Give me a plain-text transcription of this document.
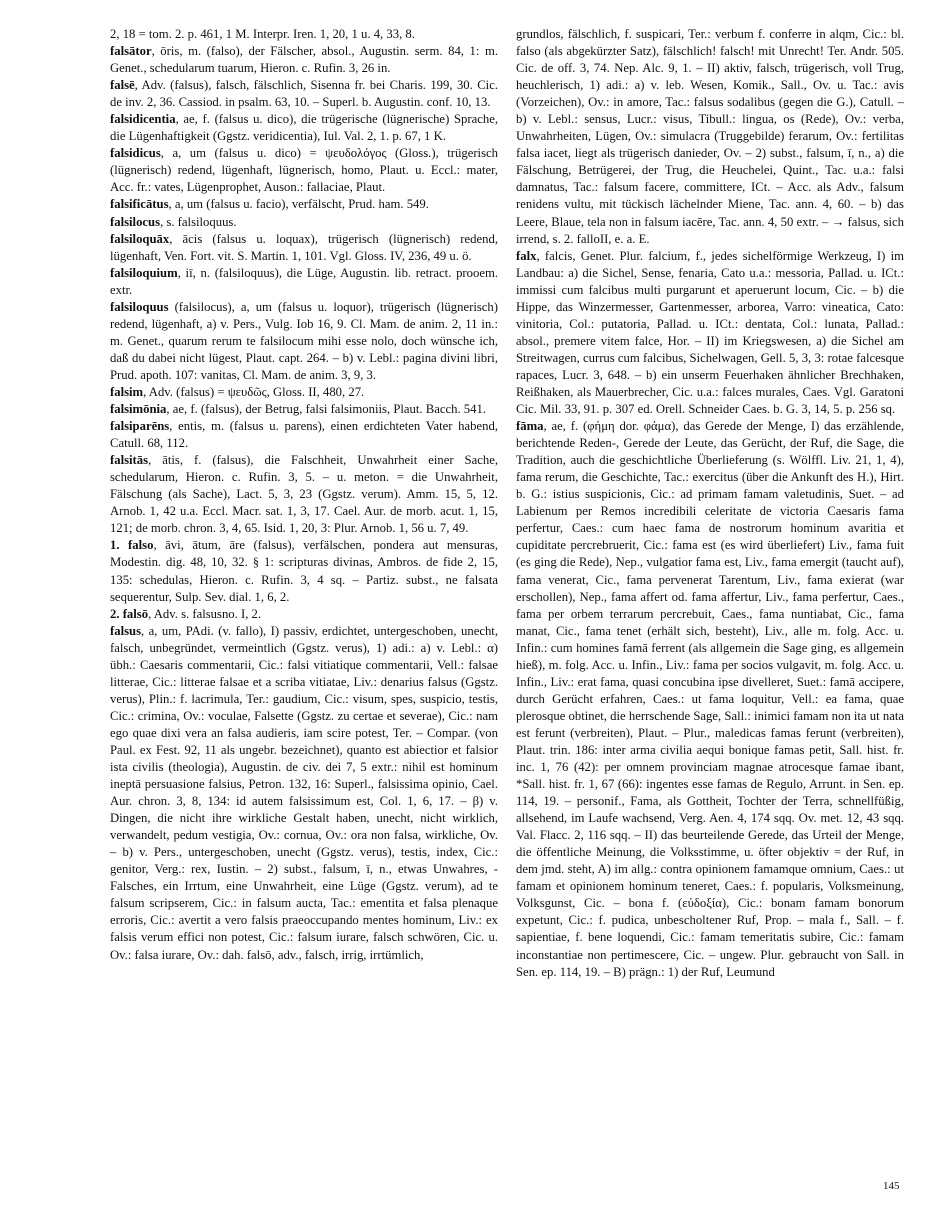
2, 18 = tom. 2. p. 461, 1 M. Interpr. Iren. 1, 20, 1 u. 4, 33, 8.

falsātor, ōris, m. (falso), der Fälscher, absol., Augustin. serm. 84, 1: m. Genet., schedularum tuarum, Hieron. c. Rufin. 3, 26 in.

falsē, Adv. (falsus), falsch, fälschlich, Sisenna fr. bei Charis. 199, 30. Cic. de inv. 2, 36. Cassiod. in psalm. 63, 10. – Superl. b. Augustin. conf. 10, 13.

falsidicentia, ae, f. (falsus u. dico), die trügerische (lügnerische) Sprache, die Lügenhaftigkeit (Ggstz. veridicentia), Iul. Val. 2, 1. p. 67, 1 K.

falsidicus, a, um (falsus u. dico) = ψευδολόγος (Gloss.), trügerisch (lügnerisch) redend, lügenhaft, lügnerisch, homo, Plaut. u. Eccl.: mater, Acc. fr.: vates, Lügenprophet, Auson.: fallaciae, Plaut.

falsificātus, a, um (falsus u. facio), verfälscht, Prud. ham. 549.

falsilocus, s. falsiloquus.

falsiloquāx, ācis (falsus u. loquax), trügerisch (lügnerisch) redend, lügenhaft, Ven. Fort. vit. S. Martin. 1, 101. Vgl. Gloss. IV, 236, 49 u. ö.

falsiloquium, iī, n. (falsiloquus), die Lüge, Augustin. lib. retract. prooem. extr.

falsiloquus (falsilocus), a, um (falsus u. loquor), trügerisch (lügnerisch) redend, lügenhaft, a) v. Pers., Vulg. Iob 16, 9. Cl. Mam. de anim. 2, 11 in.: m. Genet., quarum rerum te falsilocum mihi esse nolo, doch wünsche ich, daß du dabei nicht lügest, Plaut. capt. 264. – b) v. Lebl.: pagina divini libri, Prud. apoth. 107: vanitas, Cl. Mam. de anim. 3, 9, 3.

falsim, Adv. (falsus) = ψευδῶς, Gloss. II, 480, 27.

falsimōnia, ae, f. (falsus), der Betrug, falsi falsimoniis, Plaut. Bacch. 541.

falsiparēns, entis, m. (falsus u. parens), einen erdichteten Vater habend, Catull. 68, 112.

falsitās, ātis, f. (falsus), die Falschheit, Unwahrheit einer Sache, schedularum, Hieron. c. Rufin. 3, 5. – u. meton. = die Unwahrheit, Fälschung (als Sache), Lact. 5, 3, 23 (Ggstz. verum). Amm. 15, 5, 12. Arnob. 1, 42 u.a. Eccl. Macr. sat. 1, 3, 17. Cael. Aur. de morb. acut. 1, 15, 121; de morb. chron. 3, 4, 65. Isid. 1, 20, 3: Plur. Arnob. 1, 56 u. 7, 49.

1. falso, āvi, ātum, āre (falsus), verfälschen, pondera aut mensuras, Modestin. dig. 48, 10, 32. § 1: scripturas divinas, Ambros. de fide 2, 15, 135: schedulas, Hieron. c. Rufin. 3, 4 sq. – Partiz. subst., ne falsata sequerentur, Sulp. Sev. dial. 1, 6, 2.

2. falsō, Adv. s. falsusno. I, 2.

falsus, a, um, PAdi. (v. fallo), I) passiv, erdichtet, untergeschoben, unecht, falsch, unbegründet, vermeintlich (Ggstz. verus), 1) adi.: a) v. Lebl.: α) übh.: Caesaris commentarii, Cic.: falsi vitiatique commentarii, Vell.: falsae litterae, Cic.: litterae falsae et a scriba vitiatae, Liv.: denarius falsus (Ggstz. verus), Plin.: f. lacrimula, Ter.: gaudium, Cic.: visum, spes, suspicio, testis, Cic.: crimina, Ov.: voculae, Falsette (Ggstz. zu certae et severae), Cic.: nam ego quae dixi vera an falsa audieris, iam scire potest, Ter. – Compar. (von Paul. ex Fest. 92, 11 als ungebr. bezeichnet), quanto est abiectior et falsior ista civilis (theologia), Augustin. de civ. dei 7, 5 extr.: nihil est hominum ineptā persuasione falsius, Petron. 132, 16: Superl., falsissima opinio, Cael. Aur. chron. 3, 8, 134: id autem falsissimum est, Col. 1, 6, 17. – β) v. Dingen, die nicht ihre wirkliche Gestalt haben, unecht, nicht wirklich, verwandelt, pedum vestigia, Ov.: cornua, Ov.: ora non falsa, wirkliche, Ov. – b) v. Pers., untergeschoben, unecht (Ggstz. verus), testis, index, Cic.: genitor, Verg.: rex, Iustin. – 2) subst., falsum, ī, n., etwas Unwahres, -Falsches, ein Irrtum, eine Unwahrheit, eine Lüge (Ggstz. verum), ad te falsum scripserem, Cic.: in falsum aucta, Tac.: ementita et falsa plenaque erroris, Cic.: avertit a vero falsis praeoccupando mentes hominum, Liv.: ex falsis verum effici non potest, Cic.: falsum iurare, falsch schwören, Cic. u. Ov.: falsa iurare, Ov.: dah. falsō, adv., falsch, irrig, irrtümlich,

grundlos, fälschlich, f. suspicari, Ter.: verbum f. conferre in alqm, Cic.: bl. falso (als abgekürzter Satz), fälschlich! falsch! mit Unrecht! Ter. Andr. 505. Cic. de off. 3, 74. Nep. Alc. 9, 1. – II) aktiv, falsch, trügerisch, voll Trug, heuchlerisch, 1) adi.: a) v. leb. Wesen, Komik., Sall., Ov. u. Tac.: avis (Vorzeichen), Ov.: in amore, Tac.: falsus sodalibus (gegen die G.), Catull. – b) v. Lebl.: sensus, Lucr.: visus, Tibull.: lingua, os (Rede), Ov.: verba, Unwahrheiten, Lügen, Ov.: simulacra (Truggebilde) ferarum, Ov.: fertilitas falsa iacet, liegt als trügerisch danieder, Ov. – 2) subst., falsum, ī, n., a) die Fälschung, Betrügerei, der Trug, die Heuchelei, Quint., Tac. u.a.: falsi damnatus, Tac.: falsum facere, committere, ICt. – Acc. als Adv., falsum renidens vultu, mit tückisch lächelnder Miene, Tac. ann. 4, 60. – b) das Leere, Blaue, tela non in falsum iacēre, Tac. ann. 4, 50 extr. – → falsus, sich irrend, s. 2. falloII, e. a. E.

falx, falcis, Genet. Plur. falcium, f., jedes sichelförmige Werkzeug, I) im Landbau: a) die Sichel, Sense, fenaria, Cato u.a.: messoria, Pallad. u. ICt.: immissi cum falcibus multi purgarunt et aperuerunt locum, Cic. – b) die Hippe, das Winzermesser, Gartenmesser, arborea, Varro: vineatica, Cato: vinitoria, Col.: putatoria, Pallad. u. ICt.: dentata, Col.: lunata, Pallad.: absol., premere vitem falce, Hor. – II) im Kriegswesen, a) die Sichel am Streitwagen, currus cum falcibus, Sichelwagen, Gell. 5, 3, 3: rotae falcesque rapaces, Lucr. 3, 648. – b) ein unserm Feuerhaken ähnlicher Brechhaken, Reißhaken, als Mauerbrecher, Cic. u.a.: falces murales, Caes. Vgl. Garatoni Cic. Mil. 33, 91. p. 307 ed. Orell. Schneider Caes. b. G. 3, 14, 5. p. 256 sq.

fāma, ae, f. (φήμη dor. φάμα), das Gerede der Menge, I) das erzählende, berichtende Reden-, Gerede der Leute, das Gerücht, der Ruf, die Sage, die Tradition, auch die geschichtliche Überlieferung (s. Wölffl. Liv. 21, 1, 4), fama rerum, die Geschichte, Tac.: exercitus (über die Ankunft des H.), Hirt. b. G.: istius suspicionis, Cic.: ad primam famam valetudinis, Suet. – ad Labienum per Remos incredibili celeritate de victoria Caesaris fama perfertur, Caes.: cum haec fama de nostrorum hominum avaritia et cupiditate percrebruerit, Cic.: fama est (es wird überliefert) Liv., fama fuit (es ging die Rede), Nep., vulgatior fama est, Liv., fama emergit (taucht auf), fama venerat, Cic., fama pervenerat Tarentum, Liv., fama exierat (war erschollen), Nep., fama affert od. fama affertur, Liv., fama perfertur, Caes., fama per orbem terrarum percrebuit, Caes., fama nuntiabat, Cic., fama manat, Cic., fama tenet (erhält sich, besteht), Liv., alle m. folg. Acc. u. Infin.: cum homines famā ferrent (als allgemein die Sage ging, es allgemein hieß), m. folg. Acc. u. Infin., Liv.: fama per socios vulgavit, m. folg. Acc. u. Infin., Liv.: erat fama, quasi concubina ipse divelleret, Suet.: famā accipere, durch Gerücht erfahren, Caes.: ut fama loquitur, Vell.: ea fama, quae plerosque obtinet, die herrschende Sage, Sall.: inimici famam non ita ut nata est ferunt (verbreiten), Plaut. – Plur., maledicas famas ferunt (verbreiten), Plaut. trin. 186: inter arma civilia aequi bonique famas petit, Sall. hist. fr. inc. 1, 76 (42): per omnem provinciam magnae atrocesque famae ibant, *Sall. hist. fr. 1, 67 (66): ingentes esse famas de Regulo, Arrunt. in Sen. ep. 114, 19. – personif., Fama, als Gottheit, Tochter der Terra, schnellfüßig, allsehend, im Laufe wachsend, Verg. Aen. 4, 174 sqq. Ov. met. 12, 43 sqq. Val. Flacc. 2, 116 sqq. – II) das beurteilende Gerede, das Urteil der Menge, die öffentliche Meinung, die Volksstimme, u. öfter objektiv = der Ruf, in dem jmd. steht, A) im allg.: contra opinionem famamque omnium, Caes.: ut famam et opinionem hominum teneret, Caes.: f. popularis, Volksmeinung, Volksgunst, Cic. – bona f. (εὐδοξία), Cic.: bonam famam bonorum expetunt, Cic.: f. pudica, unbescholtener Ruf, Prop. – mala f., Sall. – f. sapientiae, f. bene loquendi, Cic.: famam temeritatis subire, Cic.: famam inconstantiae non pertimescere, Cic. – ungew. Plur. gebraucht von Sall. in Sen. ep. 114, 19. – B) prägn.: 1) der Ruf, Leumund

145
